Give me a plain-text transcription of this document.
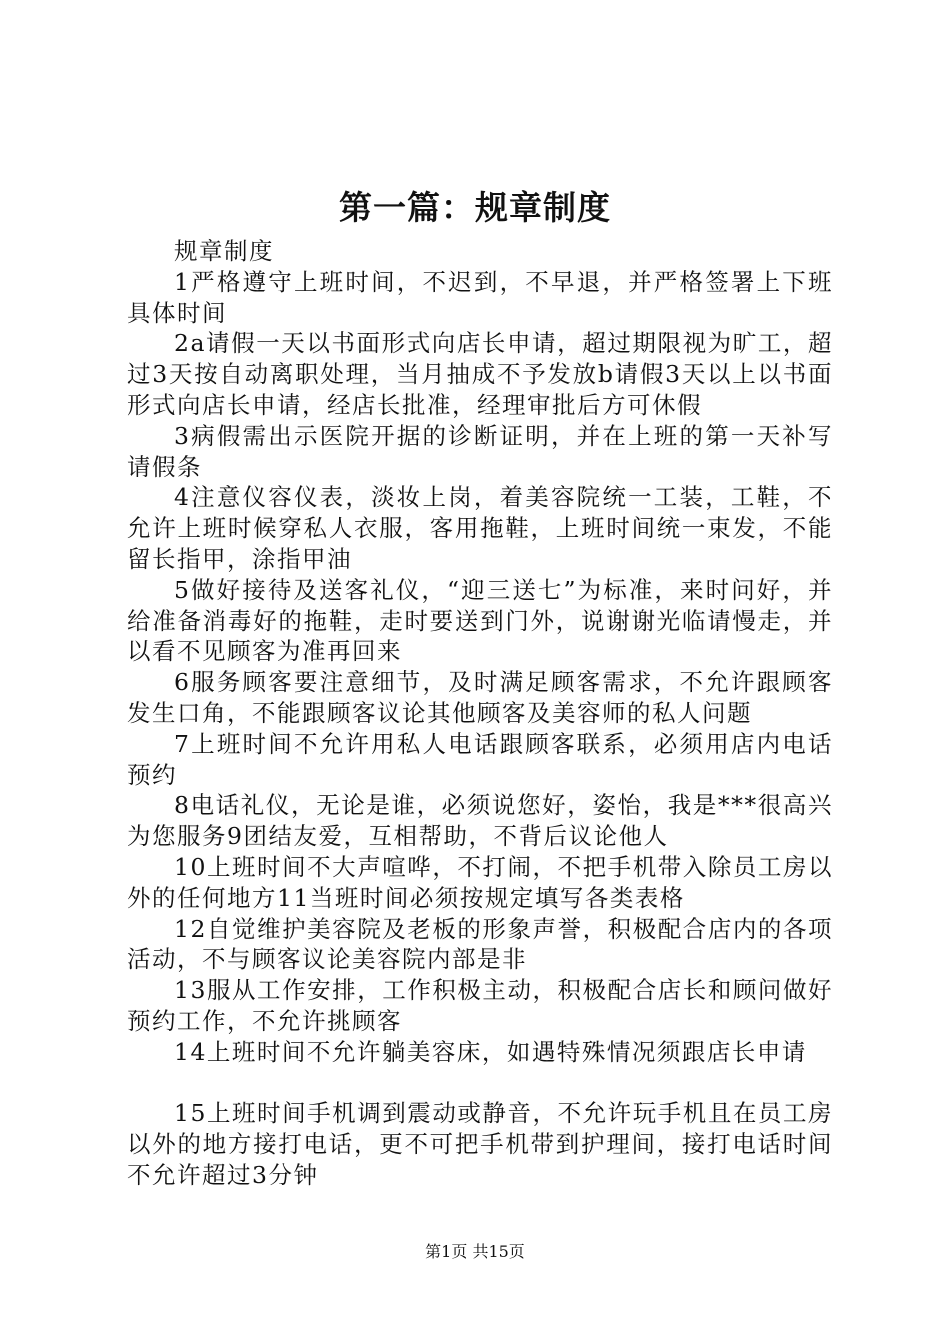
第一篇：规章制度

规章制度

1严格遵守上班时间，不迟到，不早退，并严格签署上下班具体时间

2a请假一天以书面形式向店长申请，超过期限视为旷工，超过3天按自动离职处理，当月抽成不予发放b请假3天以上以书面形式向店长申请，经店长批准，经理审批后方可休假

3病假需出示医院开据的诊断证明，并在上班的第一天补写请假条

4注意仪容仪表，淡妆上岗，着美容院统一工装，工鞋，不允许上班时候穿私人衣服，客用拖鞋，上班时间统一束发，不能留长指甲，涂指甲油

5做好接待及送客礼仪，“迎三送七”为标准，来时问好，并给准备消毒好的拖鞋，走时要送到门外，说谢谢光临请慢走，并以看不见顾客为准再回来

6服务顾客要注意细节，及时满足顾客需求，不允许跟顾客发生口角，不能跟顾客议论其他顾客及美容师的私人问题

7上班时间不允许用私人电话跟顾客联系，必须用店内电话预约

8电话礼仪，无论是谁，必须说您好，姿怡，我是***很高兴为您服务9团结友爱，互相帮助，不背后议论他人

10上班时间不大声喧哗，不打闹，不把手机带入除员工房以外的任何地方11当班时间必须按规定填写各类表格

12自觉维护美容院及老板的形象声誉，积极配合店内的各项活动，不与顾客议论美容院内部是非

13服从工作安排，工作积极主动，积极配合店长和顾问做好预约工作，不允许挑顾客

14上班时间不允许躺美容床，如遇特殊情况须跟店长申请

15上班时间手机调到震动或静音，不允许玩手机且在员工房以外的地方接打电话，更不可把手机带到护理间，接打电话时间不允许超过3分钟

第1页 共15页
